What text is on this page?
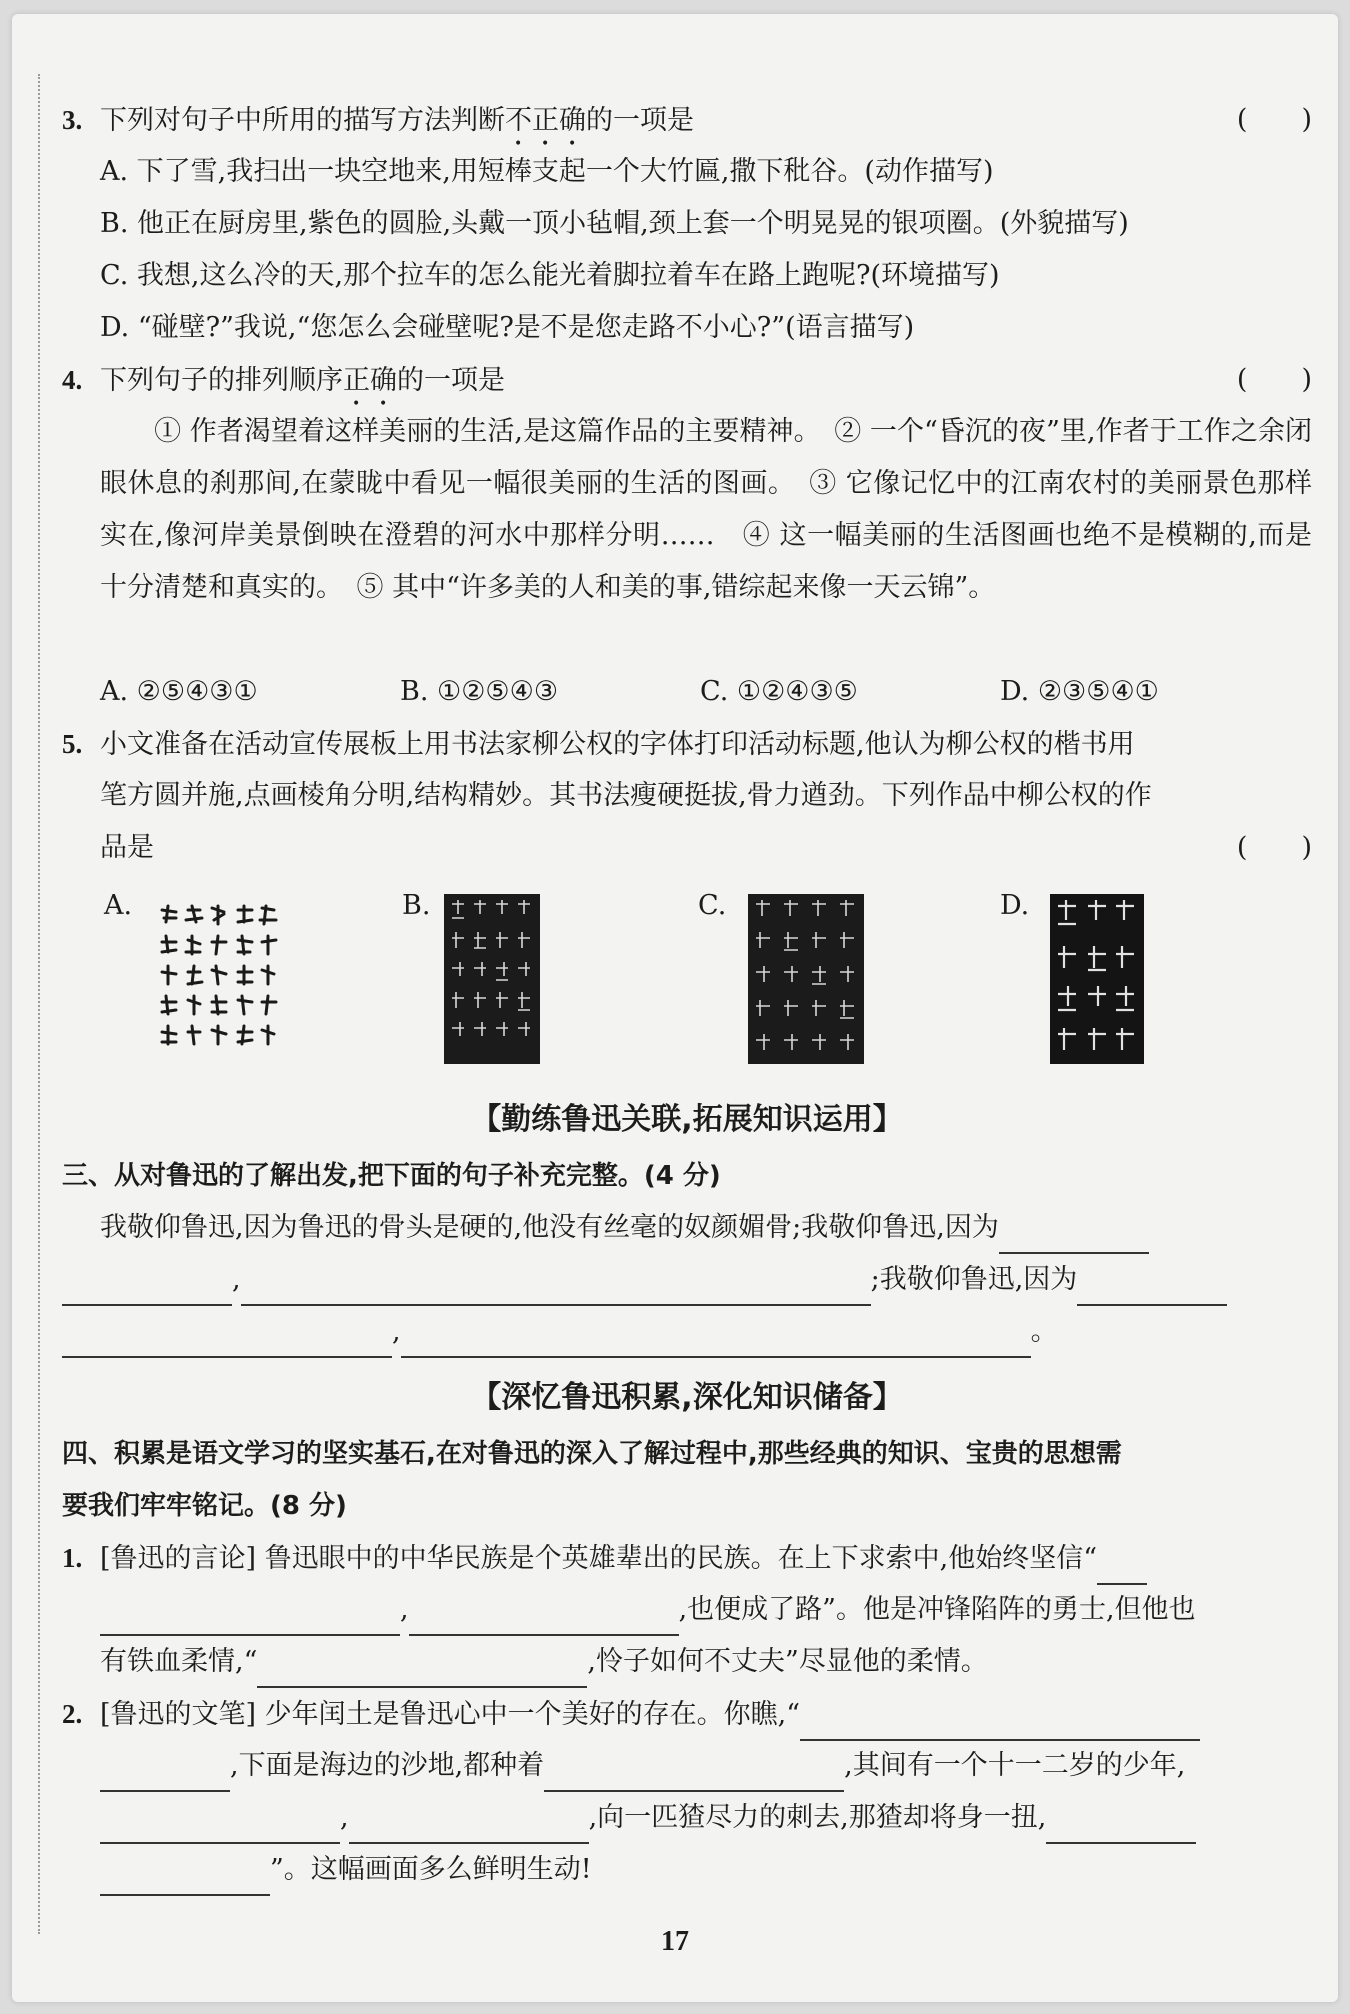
3. 下列对句子中所用的描写方法判断不正确的一项是	(　　)
A. 下了雪,我扫出一块空地来,用短棒支起一个大竹匾,撒下秕谷。(动作描写)
B. 他正在厨房里,紫色的圆脸,头戴一顶小毡帽,颈上套一个明晃晃的银项圈。(外貌描写)
C. 我想,这么冷的天,那个拉车的怎么能光着脚拉着车在路上跑呢?(环境描写)
D. “碰壁?”我说,“您怎么会碰壁呢?是不是您走路不小心?”(语言描写)
4. 下列句子的排列顺序正确的一项是	(　　)
　　① 作者渴望着这样美丽的生活,是这篇作品的主要精神。　② 一个“昏沉的夜”里,作者于工作之余闭眼休息的刹那间,在蒙眬中看见一幅很美丽的生活的图画。　③ 它像记忆中的江南农村的美丽景色那样实在,像河岸美景倒映在澄碧的河水中那样分明……　④ 这一幅美丽的生活图画也绝不是模糊的,而是十分清楚和真实的。　⑤ 其中“许多美的人和美的事,错综起来像一天云锦”。
A. ②⑤④③①	B. ①②⑤④③	C. ①②④③⑤	D. ②③⑤④①
5. 小文准备在活动宣传展板上用书法家柳公权的字体打印活动标题,他认为柳公权的楷书用
笔方圆并施,点画棱角分明,结构精妙。其书法瘦硬挺拔,骨力遒劲。下列作品中柳公权的作
品是	(　　)
A.	B.	C.	D.
【勤练鲁迅关联,拓展知识运用】
三、从对鲁迅的了解出发,把下面的句子补充完整。(4 分)
我敬仰鲁迅,因为鲁迅的骨头是硬的,他没有丝毫的奴颜媚骨;我敬仰鲁迅,因为
,	;我敬仰鲁迅,因为
,	。
【深忆鲁迅积累,深化知识储备】
四、积累是语文学习的坚实基石,在对鲁迅的深入了解过程中,那些经典的知识、宝贵的思想需
要我们牢牢铭记。(8 分)
1. [鲁迅的言论] 鲁迅眼中的中华民族是个英雄辈出的民族。在上下求索中,他始终坚信“
,	,也便成了路”。他是冲锋陷阵的勇士,但他也
有铁血柔情,“	,怜子如何不丈夫”尽显他的柔情。
2. [鲁迅的文笔] 少年闰土是鲁迅心中一个美好的存在。你瞧,“
,下面是海边的沙地,都种着	,其间有一个十一二岁的少年,
,	,向一匹猹尽力的刺去,那猹却将身一扭,
”。这幅画面多么鲜明生动!
17
